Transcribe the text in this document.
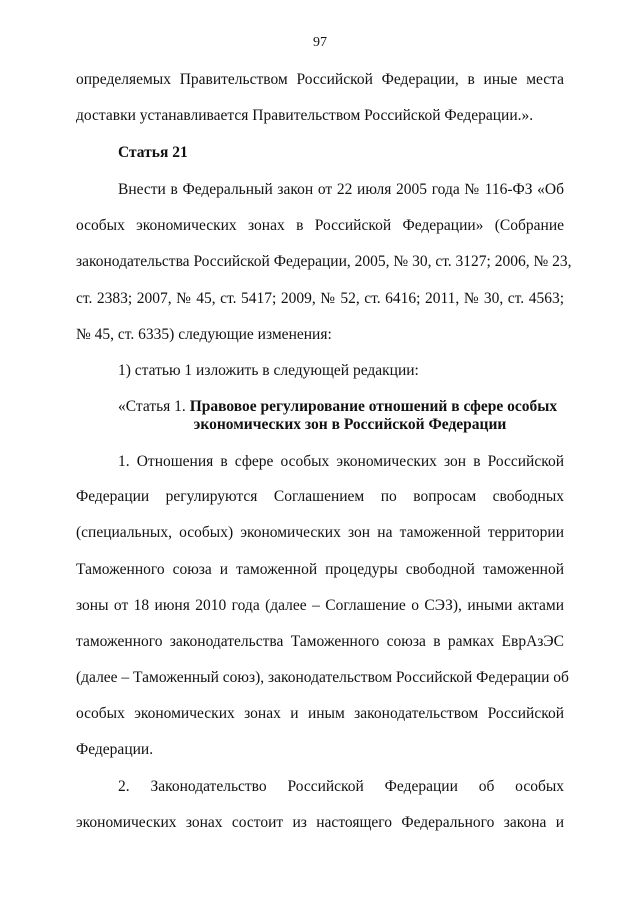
97
определяемых Правительством Российской Федерации, в иные места
доставки устанавливается Правительством Российской Федерации.».
Статья 21
Внести в Федеральный закон от 22 июля 2005 года № 116-ФЗ «Об
особых экономических зонах в Российской Федерации» (Собрание
законодательства Российской Федерации, 2005, № 30, ст. 3127; 2006, № 23,
ст. 2383; 2007, № 45, ст. 5417; 2009, № 52, ст. 6416; 2011, № 30, ст. 4563;
№ 45, ст. 6335) следующие изменения:
1) статью 1 изложить в следующей редакции:
«Статья 1. Правовое регулирование отношений в сфере особых
экономических зон в Российской Федерации
1. Отношения в сфере особых экономических зон в Российской
Федерации регулируются Соглашением по вопросам свободных
(специальных, особых) экономических зон на таможенной территории
Таможенного союза и таможенной процедуры свободной таможенной
зоны от 18 июня 2010 года (далее – Соглашение о СЭЗ), иными актами
таможенного законодательства Таможенного союза в рамках ЕврАзЭС
(далее – Таможенный союз), законодательством Российской Федерации об
особых экономических зонах и иным законодательством Российской
Федерации.
2. Законодательство Российской Федерации об особых
экономических зонах состоит из настоящего Федерального закона и
